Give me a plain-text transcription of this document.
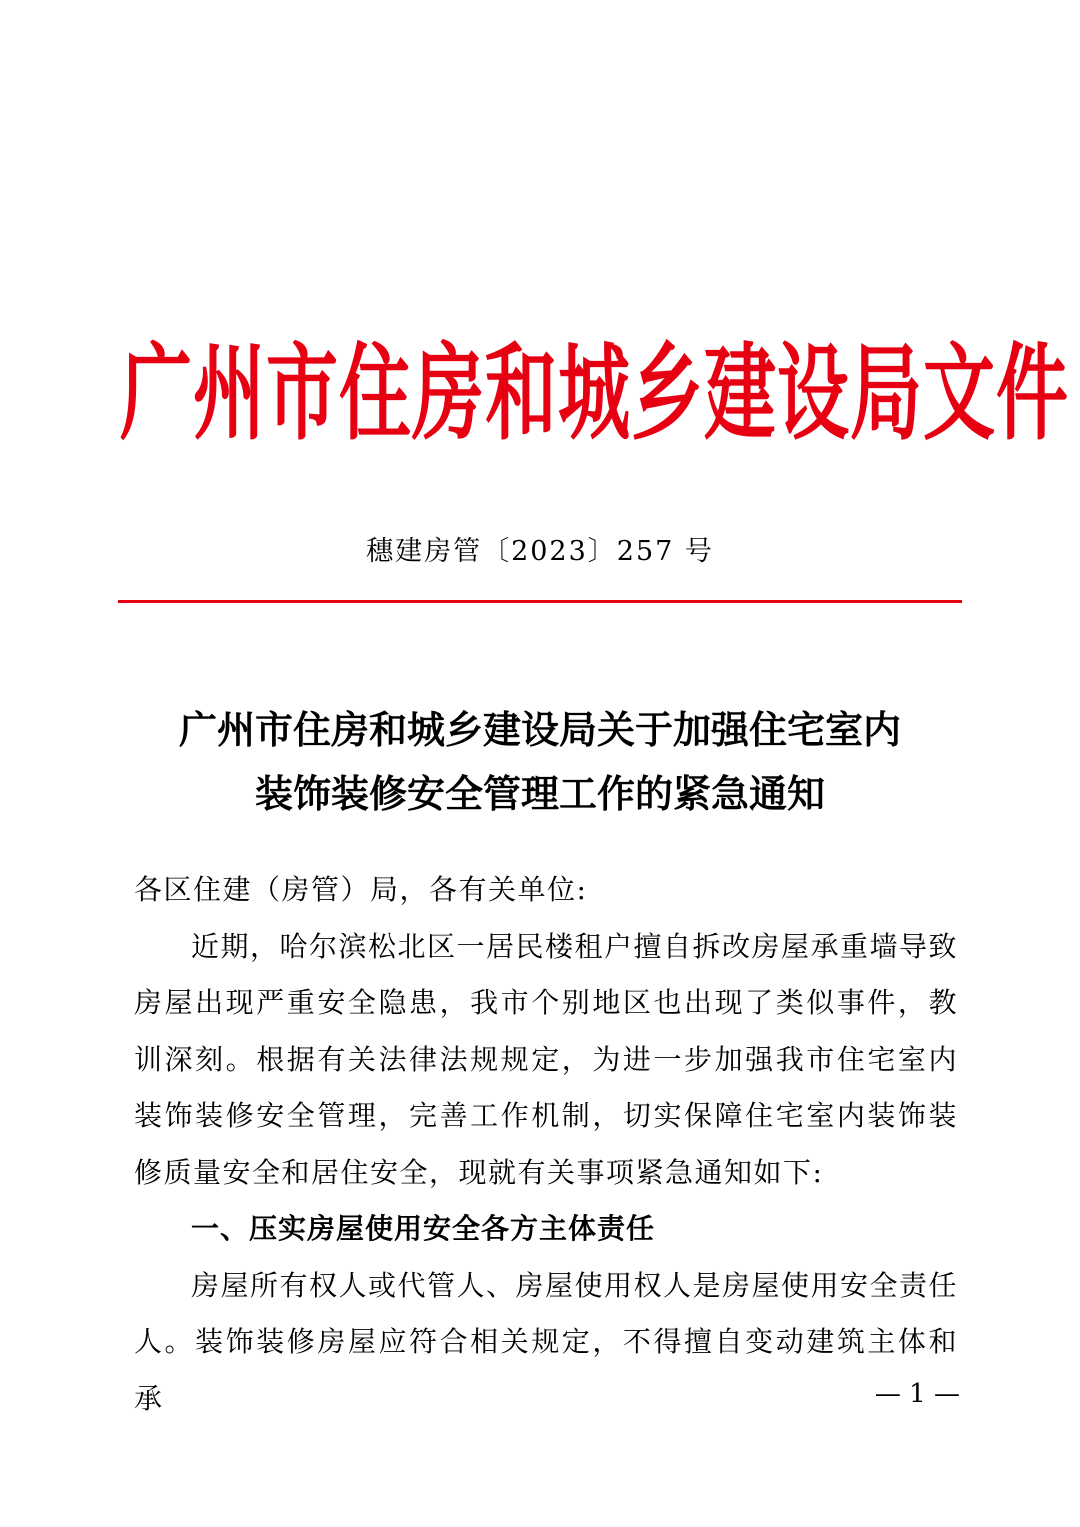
广州市住房和城乡建设局文件
穗建房管〔2023〕257 号
广州市住房和城乡建设局关于加强住宅室内
装饰装修安全管理工作的紧急通知

各区住建（房管）局，各有关单位:

近期，哈尔滨松北区一居民楼租户擅自拆改房屋承重墙导致房屋出现严重安全隐患，我市个别地区也出现了类似事件，教训深刻。根据有关法律法规规定，为进一步加强我市住宅室内装饰装修安全管理，完善工作机制，切实保障住宅室内装饰装修质量安全和居住安全，现就有关事项紧急通知如下:

一、压实房屋使用安全各方主体责任

房屋所有权人或代管人、房屋使用权人是房屋使用安全责任人。装饰装修房屋应符合相关规定，不得擅自变动建筑主体和承	— 1 —
